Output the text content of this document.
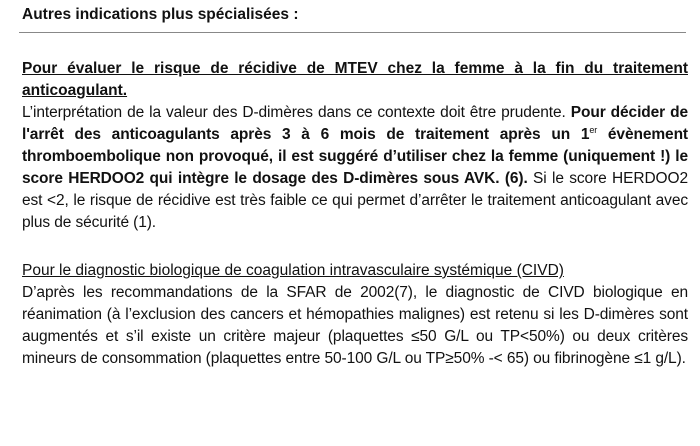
Autres indications plus spécialisées :
Pour évaluer le risque de récidive de MTEV chez la femme à la fin du traitement anticoagulant.
L’interprétation de la valeur des D-dimères dans ce contexte doit être prudente. Pour décider de l'arrêt des anticoagulants après 3 à 6 mois de traitement après un 1er évènement thromboembolique non provoqué, il est suggéré d’utiliser chez la femme (uniquement !) le score HERDOO2 qui intègre le dosage des D-dimères sous AVK. (6). Si le score HERDOO2 est <2, le risque de récidive est très faible ce qui permet d’arrêter le traitement anticoagulant avec plus de sécurité (1).
Pour le diagnostic biologique de coagulation intravasculaire systémique (CIVD)
D’après les recommandations de la SFAR de 2002(7), le diagnostic de CIVD biologique en réanimation (à l’exclusion des cancers et hémopathies malignes) est retenu si les D-dimères sont augmentés et s’il existe un critère majeur (plaquettes ≤50 G/L ou TP<50%) ou deux critères mineurs de consommation (plaquettes entre 50-100 G/L ou TP≥50% -< 65) ou fibrinogène ≤1 g/L).
